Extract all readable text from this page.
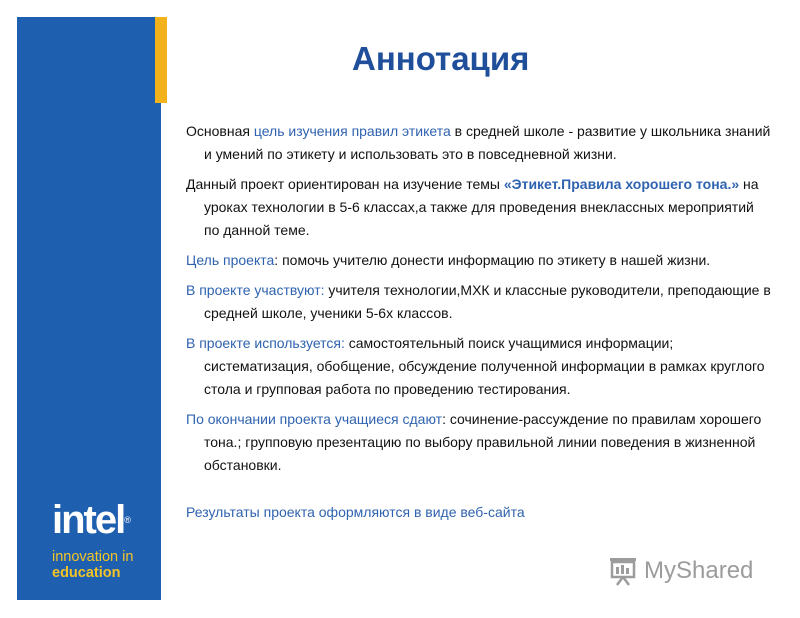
intel®
innovation in
education
Аннотация

Основная цель изучения правил этикета в средней школе - развитие у школьника знаний и умений по этикету и использовать это в повседневной жизни.

Данный проект ориентирован на изучение темы «Этикет.Правила хорошего тона.» на уроках технологии в 5-6 классах,а также для проведения внеклассных мероприятий по данной теме.

Цель проекта: помочь учителю донести информацию по этикету в нашей жизни.

В проекте участвуют: учителя технологии,МХК и классные руководители, преподающие в средней школе, ученики 5-6х классов.

В проекте используется: самостоятельный поиск учащимися информации; систематизация, обобщение, обсуждение полученной информации в рамках круглого стола и групповая работа по проведению тестирования.

По окончании проекта учащиеся сдают: сочинение-рассуждение по правилам хорошего тона.; групповую презентацию по выбору правильной линии поведения в жизненной обстановки.

Результаты проекта оформляются в виде веб-сайта

MyShared
